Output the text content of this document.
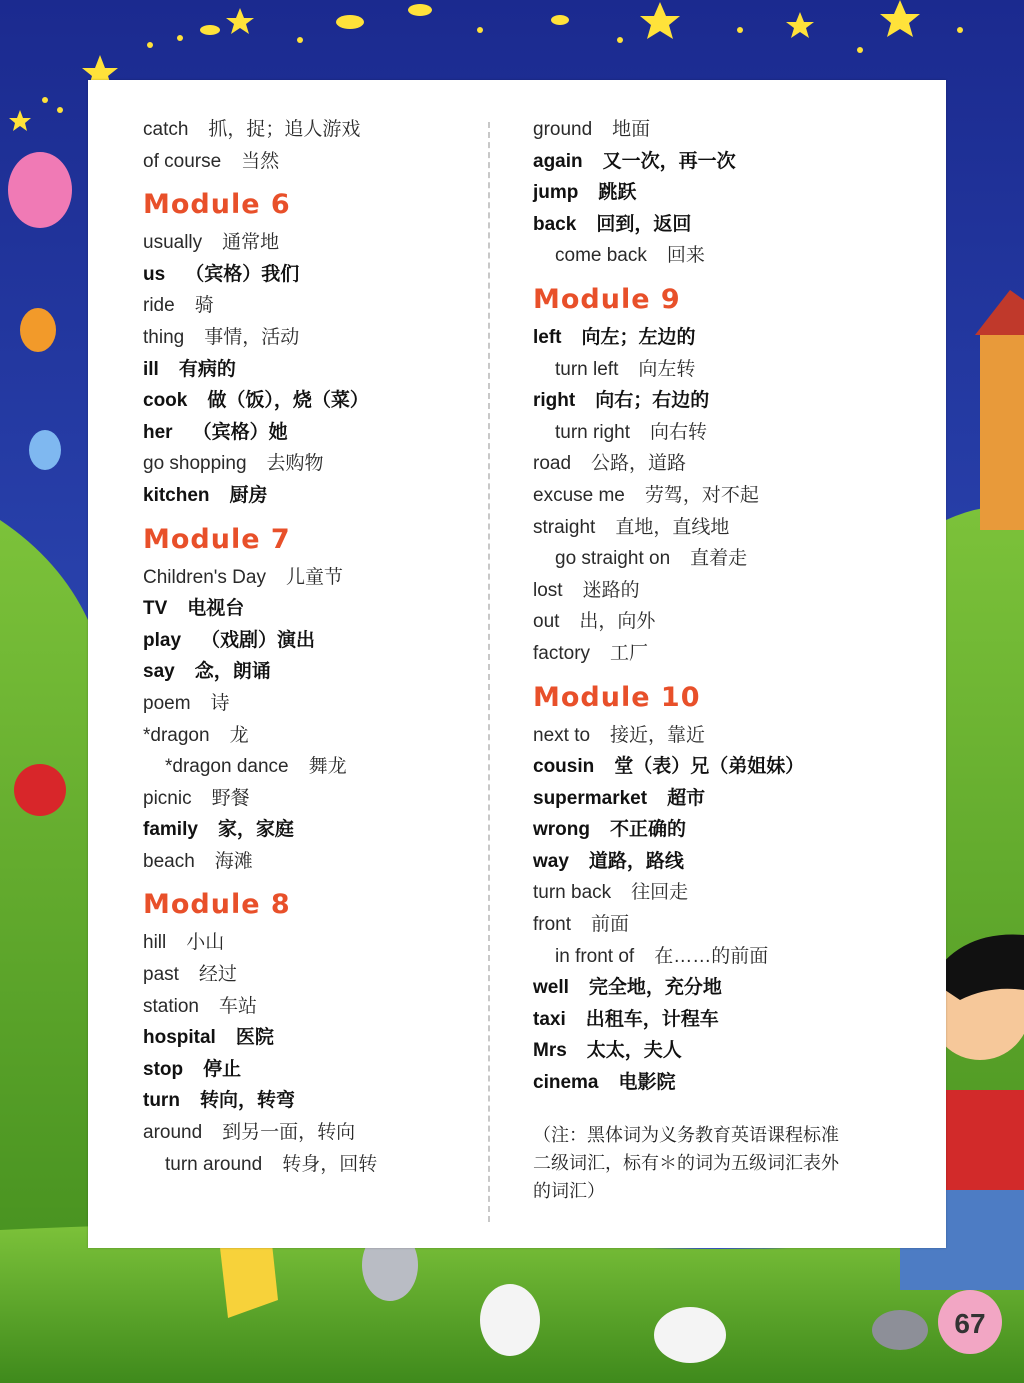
catch 抓，捉；追人游戏
of course 当然
Module 6
usually 通常地
us （宾格）我们
ride 骑
thing 事情，活动
ill 有病的
cook 做（饭），烧（菜）
her （宾格）她
go shopping 去购物
kitchen 厨房
Module 7
Children's Day 儿童节
TV 电视台
play （戏剧）演出
say 念，朗诵
poem 诗
*dragon 龙
*dragon dance 舞龙
picnic 野餐
family 家，家庭
beach 海滩
Module 8
hill 小山
past 经过
station 车站
hospital 医院
stop 停止
turn 转向，转弯
around 到另一面，转向
turn around 转身，回转
ground 地面
again 又一次，再一次
jump 跳跃
back 回到，返回
come back 回来
Module 9
left 向左；左边的
turn left 向左转
right 向右；右边的
turn right 向右转
road 公路，道路
excuse me 劳驾，对不起
straight 直地，直线地
go straight on 直着走
lost 迷路的
out 出，向外
factory 工厂
Module 10
next to 接近，靠近
cousin 堂（表）兄（弟姐妹）
supermarket 超市
wrong 不正确的
way 道路，路线
turn back 往回走
front 前面
in front of 在……的前面
well 完全地，充分地
taxi 出租车，计程车
Mrs 太太，夫人
cinema 电影院
（注：黑体词为义务教育英语课程标准二级词汇，标有＊的词为五级词汇表外的词汇）
67
